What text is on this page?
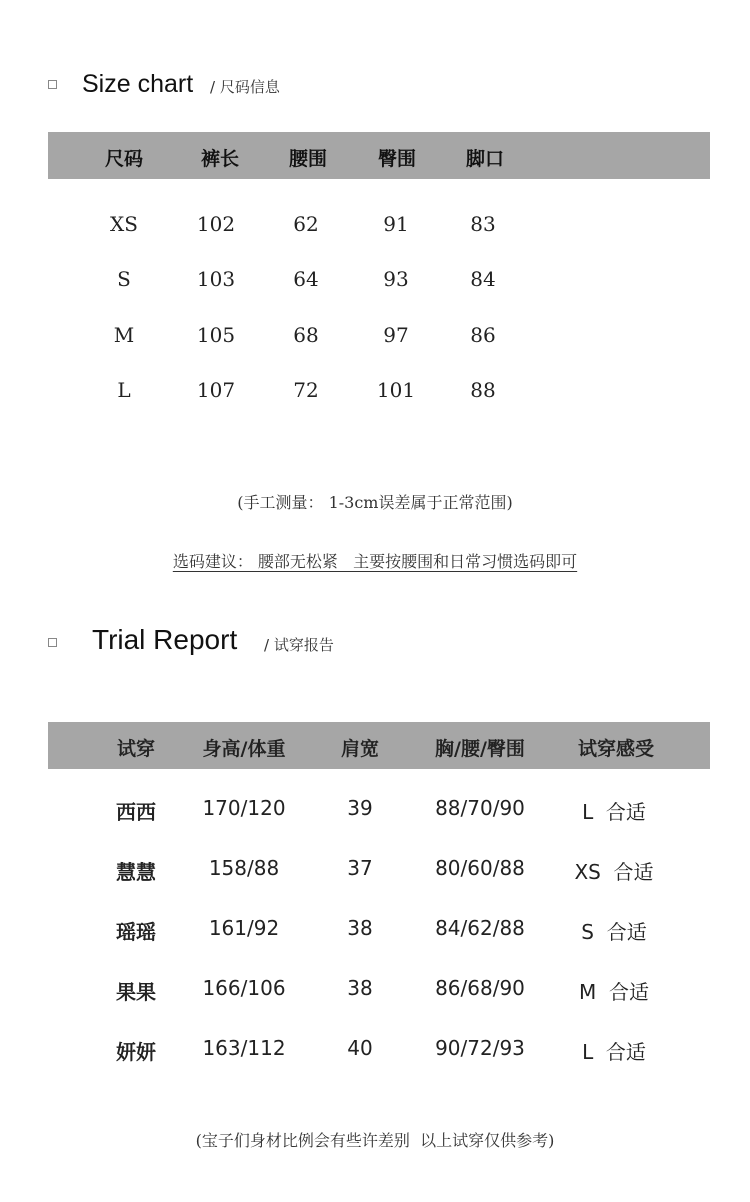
Size chart / 尺码信息
尺码	裤长	腰围	臀围	脚口
XS	102	62	91	83
S	103	64	93	84
M	105	68	97	86
L	107	72	101	88
(手工测量： 1-3cm误差属于正常范围)
选码建议： 腰部无松紧   主要按腰围和日常习惯选码即可
Trial Report / 试穿报告
试穿	身高/体重	肩宽	胸/腰/臀围	试穿感受
西西 170/120	39	88/70/90	L  合适
慧慧	158/88	37	80/60/88 XS  合适
瑶瑶	161/92	38	84/62/88	S  合适
果果 166/106	38	86/68/90	M  合适
妍妍 163/112	40	90/72/93	L  合适
(宝子们身材比例会有些许差别  以上试穿仅供参考)
